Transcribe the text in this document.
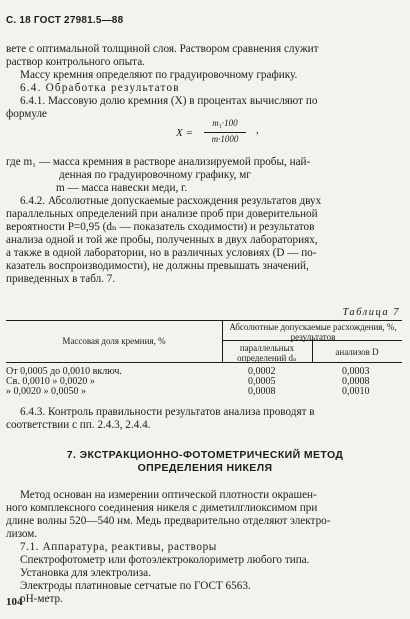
С. 18 ГОСТ 27981.5—88
вете с оптимальной толщиной слоя. Раствором сравнения служит
раствор контрольного опыта.
Массу кремния определяют по градуировочному графику.
6.4. Обработка результатов
6.4.1. Массовую долю кремния (X) в процентах вычисляют по
формуле
X =
m₁·100
m·1000
,
где m₁ — масса кремния в растворе анализируемой пробы, най-
денная по градуировочному графику, мг
m — масса навески меди, г.
6.4.2. Абсолютные допускаемые расхождения результатов двух
параллельных определений при анализе проб при доверительной
вероятности P=0,95 (dₙ — показатель сходимости) и результатов
анализа одной и той же пробы, полученных в двух лабораториях,
а также в одной лаборатории, но в различных условиях (D — по-
казатель воспроизводимости), не должны превышать значений,
приведенных в табл. 7.
Таблица 7
Массовая доля кремния, %
Абсолютные допускаемые расхождения, %, результатов
параллельных определений dₙ
анализов D
От 0,0005 до 0,0010 включ.	0,0002	0,0003
Св. 0,0010 » 0,0020 »	0,0005	0,0008
» 0,0020 » 0,0050 »	0,0008	0,0010
6.4.3. Контроль правильности результатов анализа проводят в
соответствии с пп. 2.4.3, 2.4.4.
7. ЭКСТРАКЦИОННО-ФОТОМЕТРИЧЕСКИЙ МЕТОД
ОПРЕДЕЛЕНИЯ НИКЕЛЯ
Метод основан на измерении оптической плотности окрашен-
ного комплексного соединения никеля с диметилглиоксимом при
длине волны 520—540 нм. Медь предварительно отделяют электро-
лизом.
7.1. Аппаратура, реактивы, растворы
Спектрофотометр или фотоэлектроколориметр любого типа.
Установка для электролиза.
Электроды платиновые сетчатые по ГОСТ 6563.
рН-метр.
104
